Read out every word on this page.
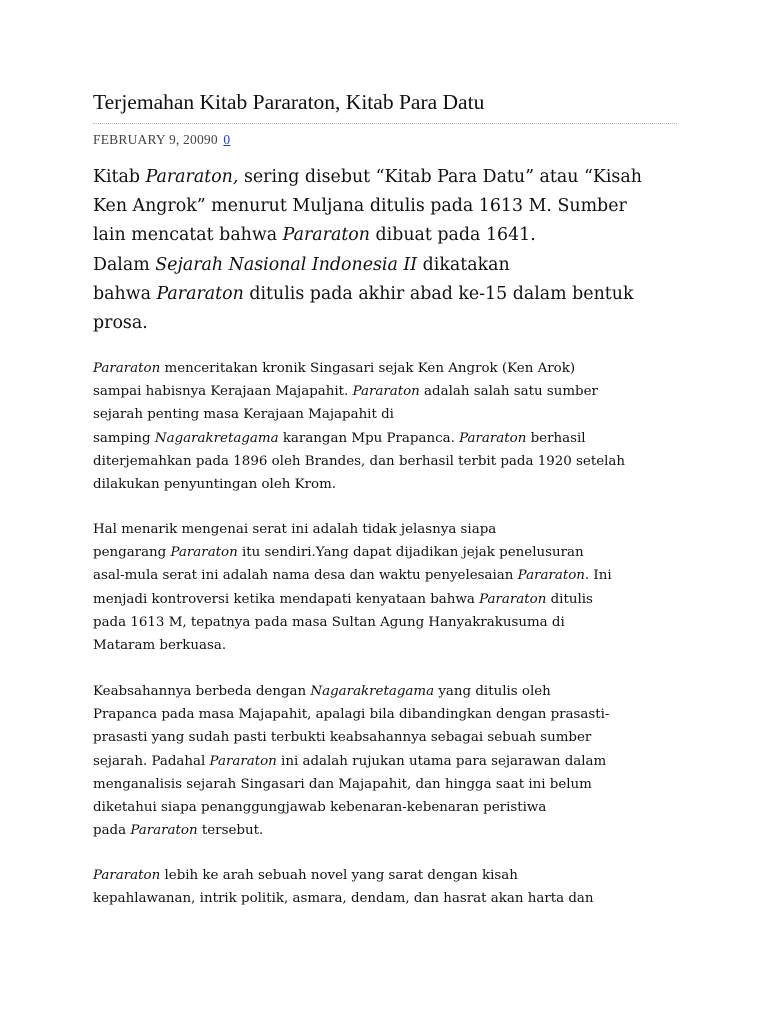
Terjemahan Kitab Pararaton, Kitab Para Datu
FEBRUARY 9, 20090 0

Kitab Pararaton, sering disebut “Kitab Para Datu” atau “Kisah
Ken Angrok” menurut Muljana ditulis pada 1613 M. Sumber
lain mencatat bahwa Pararaton dibuat pada 1641.
Dalam Sejarah Nasional Indonesia II dikatakan
bahwa Pararaton ditulis pada akhir abad ke-15 dalam bentuk
prosa.

Pararaton menceritakan kronik Singasari sejak Ken Angrok (Ken Arok)
sampai habisnya Kerajaan Majapahit. Pararaton adalah salah satu sumber
sejarah penting masa Kerajaan Majapahit di
samping Nagarakretagama karangan Mpu Prapanca. Pararaton berhasil
diterjemahkan pada 1896 oleh Brandes, dan berhasil terbit pada 1920 setelah
dilakukan penyuntingan oleh Krom.

Hal menarik mengenai serat ini adalah tidak jelasnya siapa
pengarang Pararaton itu sendiri.Yang dapat dijadikan jejak penelusuran
asal-mula serat ini adalah nama desa dan waktu penyelesaian Pararaton. Ini
menjadi kontroversi ketika mendapati kenyataan bahwa Pararaton ditulis
pada 1613 M, tepatnya pada masa Sultan Agung Hanyakrakusuma di
Mataram berkuasa.

Keabsahannya berbeda dengan Nagarakretagama yang ditulis oleh
Prapanca pada masa Majapahit, apalagi bila dibandingkan dengan prasasti-
prasasti yang sudah pasti terbukti keabsahannya sebagai sebuah sumber
sejarah. Padahal Pararaton ini adalah rujukan utama para sejarawan dalam
menganalisis sejarah Singasari dan Majapahit, dan hingga saat ini belum
diketahui siapa penanggungjawab kebenaran-kebenaran peristiwa
pada Pararaton tersebut.

Pararaton lebih ke arah sebuah novel yang sarat dengan kisah
kepahlawanan, intrik politik, asmara, dendam, dan hasrat akan harta dan
